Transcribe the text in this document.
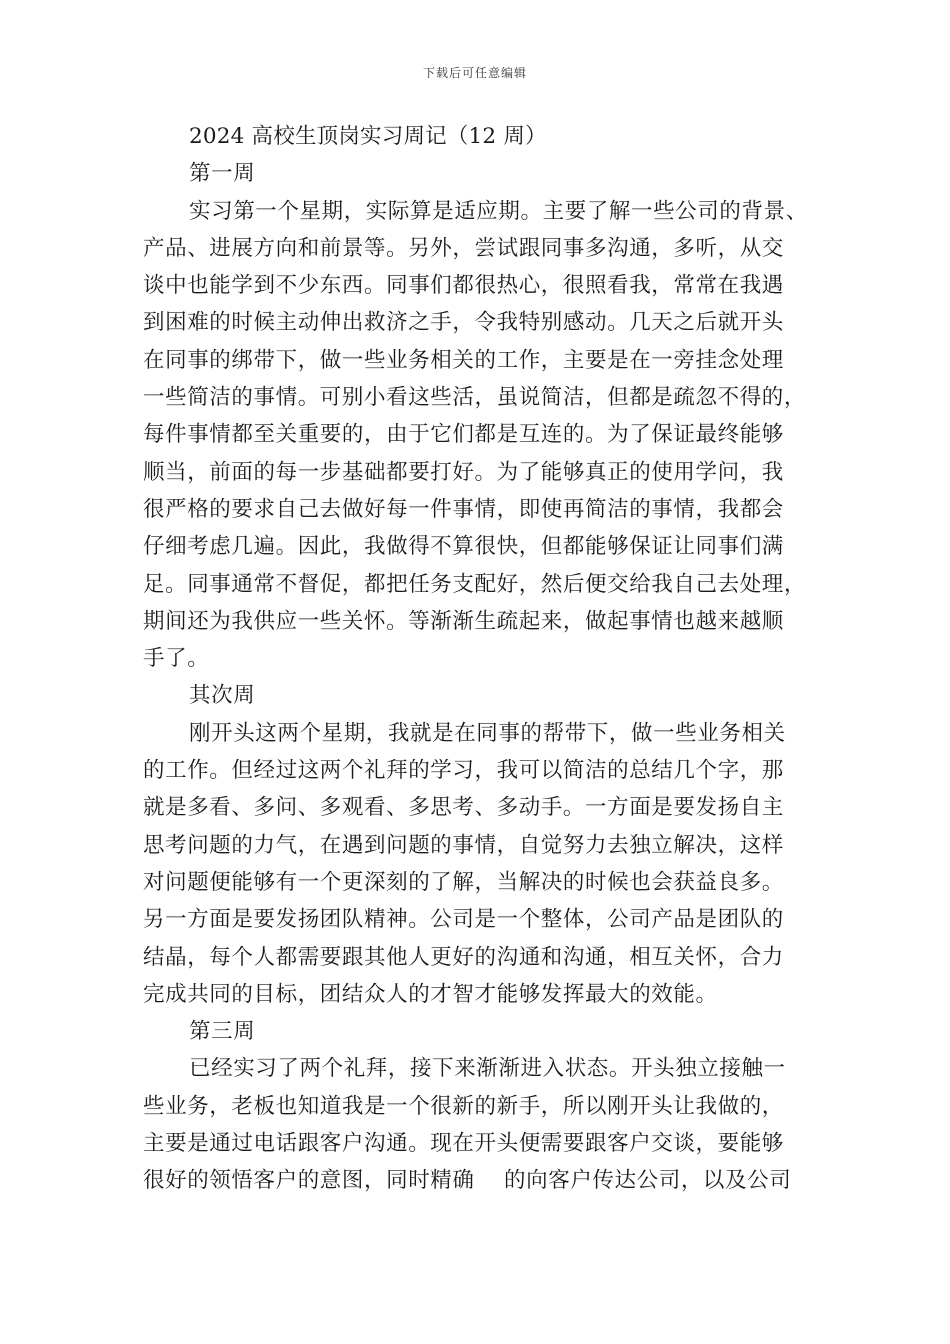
下载后可任意编辑
2024 高校生顶岗实习周记（12 周）
第一周
实习第一个星期，实际算是适应期。主要了解一些公司的背景、
产品、进展方向和前景等。另外，尝试跟同事多沟通，多听，从交
谈中也能学到不少东西。同事们都很热心，很照看我，常常在我遇
到困难的时候主动伸出救济之手，令我特别感动。几天之后就开头
在同事的绑带下，做一些业务相关的工作，主要是在一旁挂念处理
一些简洁的事情。可别小看这些活，虽说简洁，但都是疏忽不得的，
每件事情都至关重要的，由于它们都是互连的。为了保证最终能够
顺当，前面的每一步基础都要打好。为了能够真正的使用学问，我
很严格的要求自己去做好每一件事情，即使再简洁的事情，我都会
仔细考虑几遍。因此，我做得不算很快，但都能够保证让同事们满
足。同事通常不督促，都把任务支配好，然后便交给我自己去处理，
期间还为我供应一些关怀。等渐渐生疏起来，做起事情也越来越顺
手了。
其次周
刚开头这两个星期，我就是在同事的帮带下，做一些业务相关
的工作。但经过这两个礼拜的学习，我可以简洁的总结几个字，那
就是多看、多问、多观看、多思考、多动手。一方面是要发扬自主
思考问题的力气，在遇到问题的事情，自觉努力去独立解决，这样
对问题便能够有一个更深刻的了解，当解决的时候也会获益良多。
另一方面是要发扬团队精神。公司是一个整体，公司产品是团队的
结晶，每个人都需要跟其他人更好的沟通和沟通，相互关怀，合力
完成共同的目标，团结众人的才智才能够发挥最大的效能。
第三周
已经实习了两个礼拜，接下来渐渐进入状态。开头独立接触一
些业务，老板也知道我是一个很新的新手，所以刚开头让我做的，
主要是通过电话跟客户沟通。现在开头便需要跟客户交谈，要能够
很好的领悟客户的意图，同时精确　 的向客户传达公司，以及公司
